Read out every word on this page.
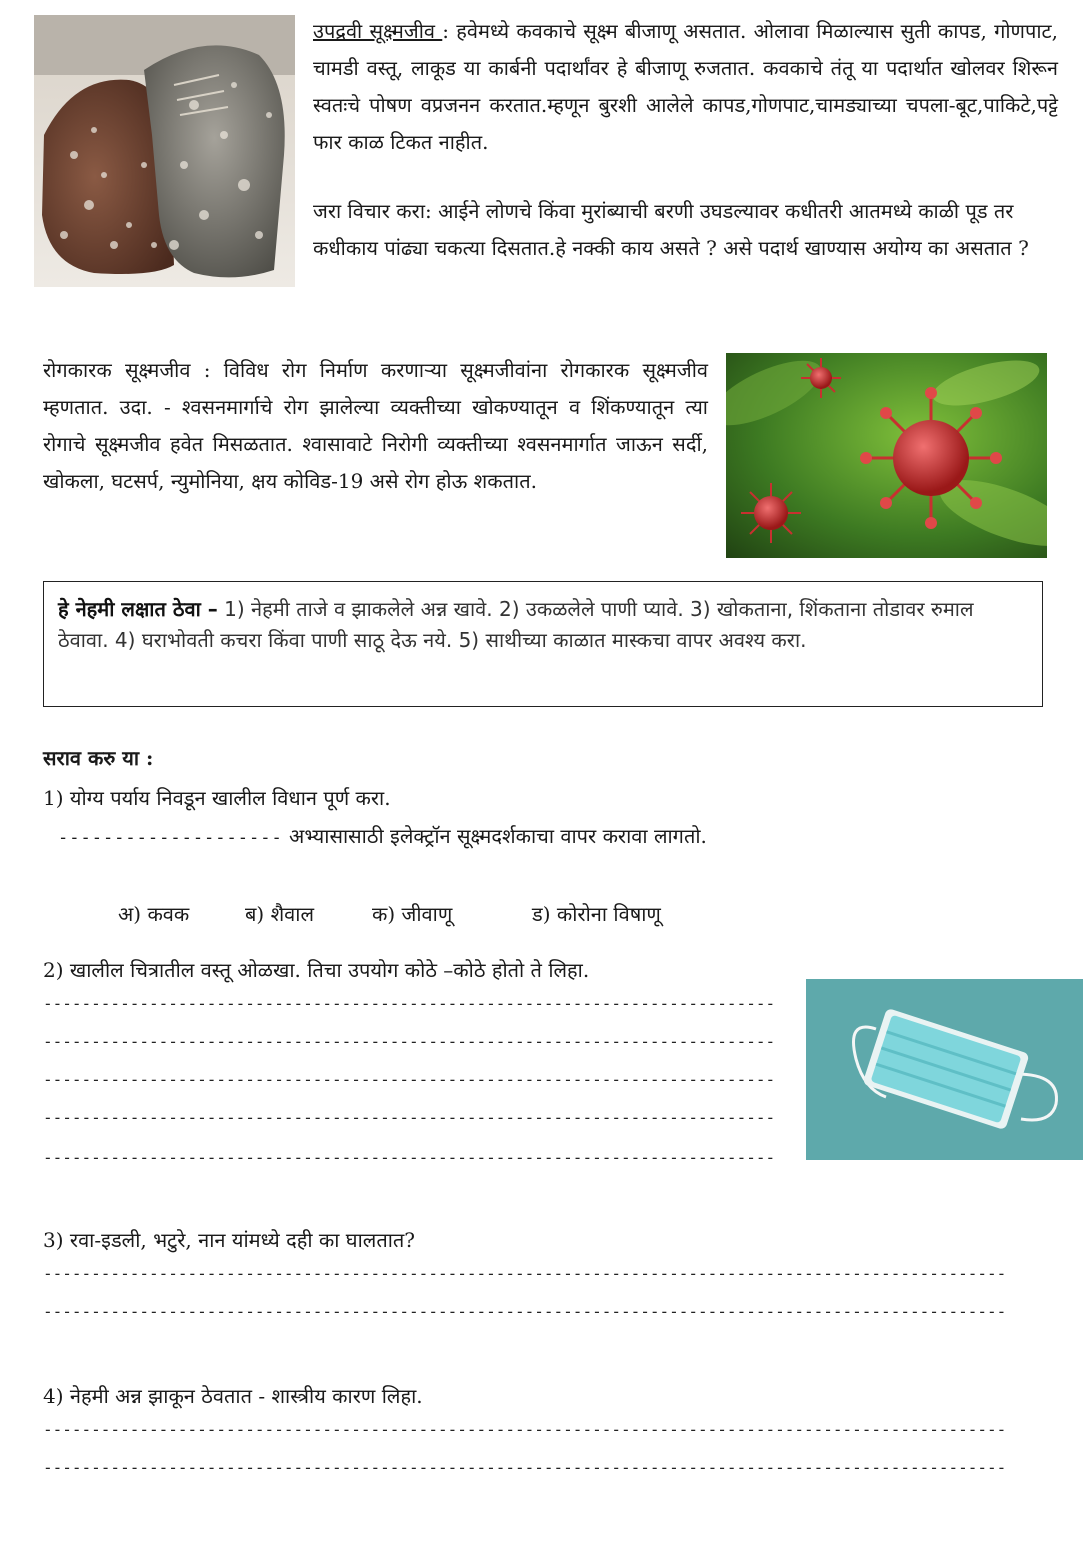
उपद्रवी सूक्ष्मजीव : हवेमध्ये कवकाचे सूक्ष्म बीजाणू असतात. ओलावा मिळाल्यास सुती कापड, गोणपाट, चामडी वस्तू, लाकूड या कार्बनी पदार्थांवर हे बीजाणू रुजतात. कवकाचे तंतू या पदार्थात खोलवर शिरून स्वतःचे पोषण वप्रजनन करतात.म्हणून बुरशी आलेले कापड,गोणपाट,चामड्याच्या चपला-बूट,पाकिटे,पट्टे फार काळ टिकत नाहीत.
जरा विचार करा: आईने लोणचे किंवा मुरांब्याची बरणी उघडल्यावर कधीतरी आतमध्ये काळी पूड तर कधीकाय पांढ्या चकत्या दिसतात.हे नक्की काय असते ? असे पदार्थ खाण्यास अयोग्य का असतात ?
रोगकारक सूक्ष्मजीव : विविध रोग निर्माण करणाऱ्या सूक्ष्मजीवांना रोगकारक सूक्ष्मजीव म्हणतात. उदा. - श्वसनमार्गाचे रोग झालेल्या व्यक्तीच्या खोकण्यातून व शिंकण्यातून त्या रोगाचे सूक्ष्मजीव हवेत मिसळतात. श्वासावाटे निरोगी व्यक्तीच्या श्वसनमार्गात जाऊन सर्दी, खोकला, घटसर्प, न्युमोनिया, क्षय कोविड-19 असे रोग होऊ शकतात.
हे नेहमी लक्षात ठेवा – 1) नेहमी ताजे व झाकलेले अन्न खावे. 2) उकळलेले पाणी प्यावे. 3) खोकताना, शिंकताना तोडावर रुमाल ठेवावा. 4) घराभोवती कचरा किंवा पाणी साठू देऊ नये. 5) साथीच्या काळात मास्कचा वापर अवश्य करा.
सराव करु या :
1) योग्य पर्याय निवडून खालील विधान पूर्ण करा.
-------------------- अभ्यासासाठी इलेक्ट्रॉन सूक्ष्मदर्शकाचा वापर करावा लागतो.
अ) कवक	ब) शैवाल	क) जीवाणू	ड) कोरोना विषाणू
2) खालील चित्रातील वस्तू ओळखा. तिचा उपयोग कोठे –कोठे होतो ते लिहा.
----------------------------------------------------------------------------
----------------------------------------------------------------------------
----------------------------------------------------------------------------
----------------------------------------------------------------------------
----------------------------------------------------------------------------
3) रवा-इडली, भटुरे, नान यांमध्ये दही का घालतात?
----------------------------------------------------------------------------------------------------
----------------------------------------------------------------------------------------------------
4) नेहमी अन्न झाकून ठेवतात - शास्त्रीय कारण लिहा.
----------------------------------------------------------------------------------------------------
----------------------------------------------------------------------------------------------------
